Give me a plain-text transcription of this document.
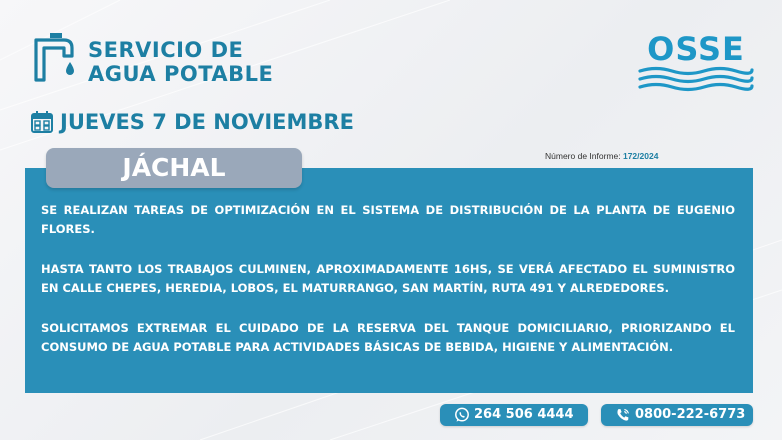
SERVICIO DE
AGUA POTABLE
OSSE
JUEVES 7 DE NOVIEMBRE
Número de Informe: 172/2024
JÁCHAL

SE REALIZAN TAREAS DE OPTIMIZACIÓN EN EL SISTEMA DE DISTRIBUCIÓN DE LA PLANTA DE EUGENIO FLORES.

HASTA TANTO LOS TRABAJOS CULMINEN, APROXIMADAMENTE 16HS, SE VERÁ AFECTADO EL SUMINISTRO EN CALLE CHEPES, HEREDIA, LOBOS, EL MATURRANGO, SAN MARTÍN, RUTA 491 Y ALREDEDORES.

SOLICITAMOS EXTREMAR EL CUIDADO DE LA RESERVA DEL TANQUE DOMICILIARIO, PRIORIZANDO EL CONSUMO DE AGUA POTABLE PARA ACTIVIDADES BÁSICAS DE BEBIDA, HIGIENE Y ALIMENTACIÓN.

264 506 4444	0800-222-6773
